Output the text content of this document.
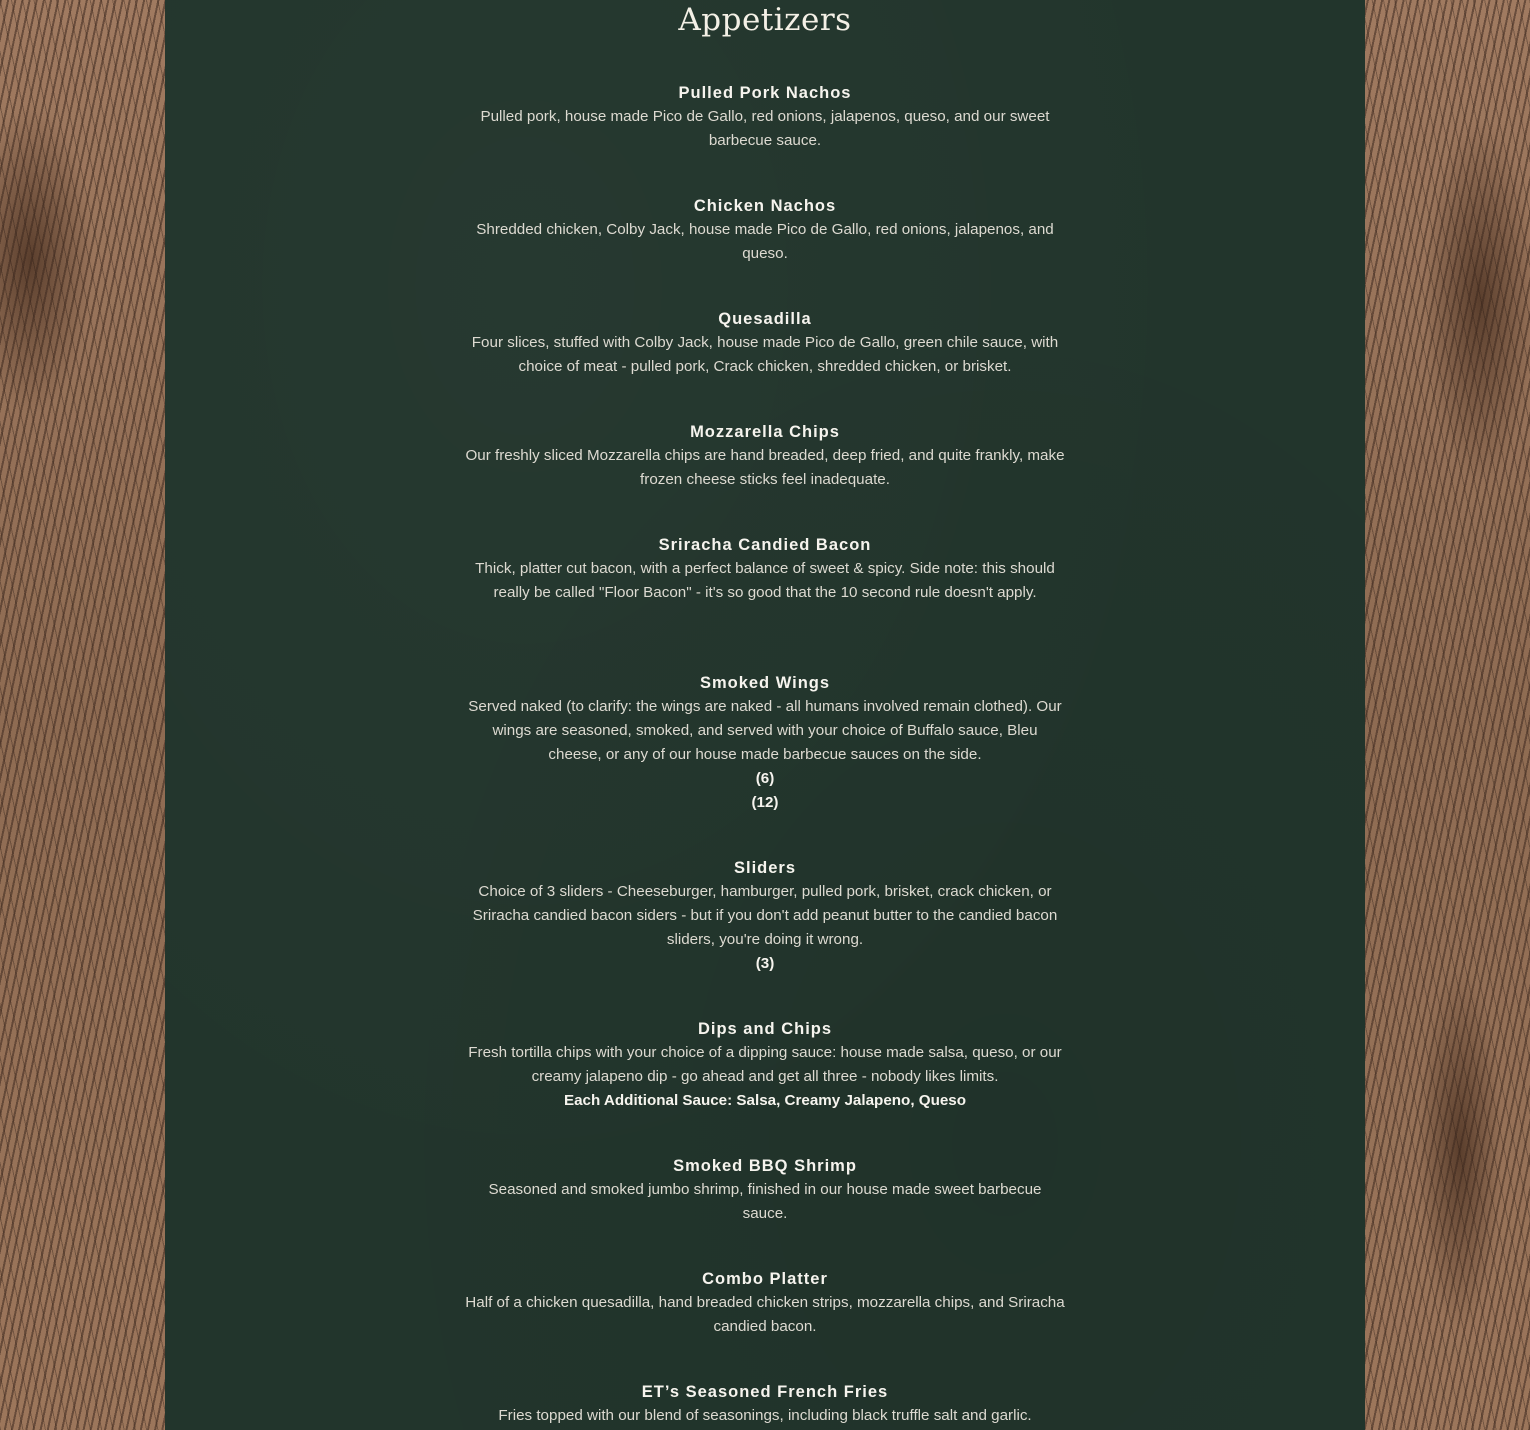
Appetizers
Pulled Pork Nachos

Pulled pork, house made Pico de Gallo, red onions, jalapenos, queso, and our sweet barbecue sauce.

Chicken Nachos

Shredded chicken, Colby Jack, house made Pico de Gallo, red onions, jalapenos, and queso.

Quesadilla

Four slices, stuffed with Colby Jack, house made Pico de Gallo, green chile sauce, with choice of meat - pulled pork, Crack chicken, shredded chicken, or brisket.

Mozzarella Chips

Our freshly sliced Mozzarella chips are hand breaded, deep fried, and quite frankly, make frozen cheese sticks feel inadequate.

Sriracha Candied Bacon

Thick, platter cut bacon, with a perfect balance of sweet & spicy. Side note: this should really be called "Floor Bacon" - it's so good that the 10 second rule doesn't apply.

Smoked Wings

Served naked (to clarify: the wings are naked - all humans involved remain clothed). Our wings are seasoned, smoked, and served with your choice of Buffalo sauce, Bleu cheese, or any of our house made barbecue sauces on the side.

(6)
(12)
Sliders

Choice of 3 sliders - Cheeseburger, hamburger, pulled pork, brisket, crack chicken, or Sriracha candied bacon siders - but if you don't add peanut butter to the candied bacon sliders, you're doing it wrong.

(3)
Dips and Chips

Fresh tortilla chips with your choice of a dipping sauce: house made salsa, queso, or our creamy jalapeno dip - go ahead and get all three - nobody likes limits.

Each Additional Sauce: Salsa, Creamy Jalapeno, Queso
Smoked BBQ Shrimp

Seasoned and smoked jumbo shrimp, finished in our house made sweet barbecue sauce.

Combo Platter

Half of a chicken quesadilla, hand breaded chicken strips, mozzarella chips, and Sriracha candied bacon.

ET’s Seasoned French Fries

Fries topped with our blend of seasonings, including black truffle salt and garlic.
